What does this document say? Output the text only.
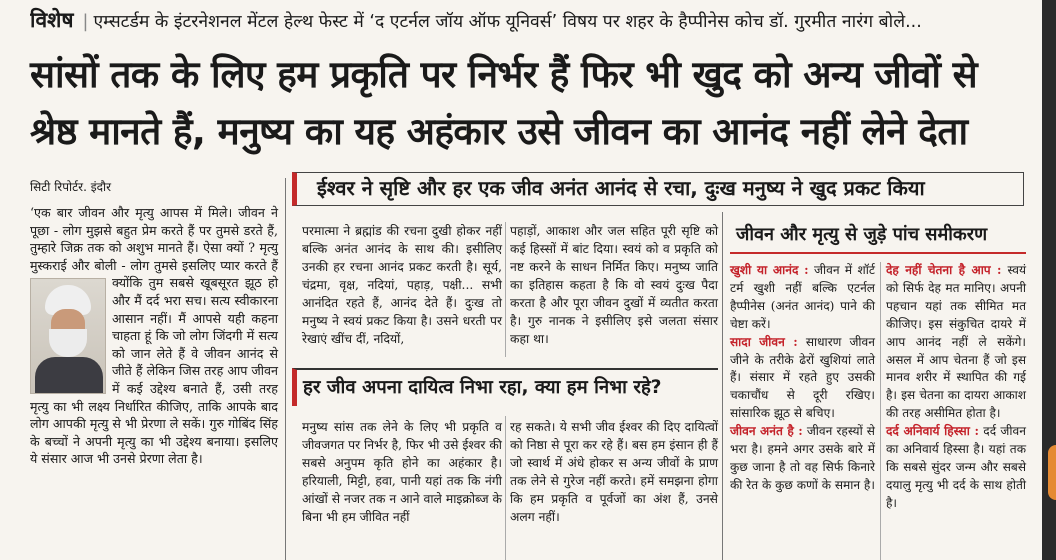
विशेष | एम्सटर्डम के इंटरनेशनल मेंटल हेल्थ फेस्ट में ‘द एटर्नल जॉय ऑफ यूनिवर्स’ विषय पर शहर के हैप्पीनेस कोच डॉ. गुरमीत नारंग बोले...
सांसों तक के लिए हम प्रकृति पर निर्भर हैं फिर भी खुद को अन्य जीवों से
श्रेष्ठ मानते हैं, मनुष्य का यह अहंकार उसे जीवन का आनंद नहीं लेने देता
सिटी रिपोर्टर. इंदौर
‘एक बार जीवन और मृत्यु आपस में मिले। जीवन ने पूछा - लोग मुझसे बहुत प्रेम करते हैं पर तुमसे डरते हैं, तुम्हारे जिक्र तक को अशुभ मानते हैं। ऐसा क्यों ? मृत्यु मुस्कराई और बोली - लोग तुमसे इसलिए प्यार करते हैं क्योंकि तुम सबसे खूबसूरत झूठ हो और मैं दर्द भरा सच। सत्य स्वीकारना आसान नहीं। मैं आपसे यही कहना चाहता हूं कि जो लोग जिंदगी में सत्य को जान लेते हैं वे जीवन आनंद से जीते हैं लेकिन जिस तरह आप जीवन में कई उद्देश्य बनाते हैं, उसी तरह मृत्यु का भी लक्ष्य निर्धारित कीजिए, ताकि आपके बाद लोग आपकी मृत्यु से भी प्रेरणा ले सकें। गुरु गोबिंद सिंह के बच्चों ने अपनी मृत्यु का भी उद्देश्य बनाया। इसलिए ये संसार आज भी उनसे प्रेरणा लेता है।
ईश्वर ने सृष्टि और हर एक जीव अनंत आनंद से रचा, दुःख मनुष्य ने खुद प्रकट किया
परमात्मा ने ब्रह्मांड की रचना दुखी होकर नहीं बल्कि अनंत आनंद के साथ की। इसीलिए उनकी हर रचना आनंद प्रकट करती है। सूर्य, चंद्रमा, वृक्ष, नदियां, पहाड़, पक्षी... सभी आनंदित रहते हैं, आनंद देते हैं। दुःख तो मनुष्य ने स्वयं प्रकट किया है। उसने धरती पर रेखाएं खींच दीं, नदियों,
पहाड़ों, आकाश और जल सहित पूरी सृष्टि को कई हिस्सों में बांट दिया। स्वयं को व प्रकृति को नष्ट करने के साधन निर्मित किए। मनुष्य जाति का इतिहास कहता है कि वो स्वयं दुःख पैदा करता है और पूरा जीवन दुखों में व्यतीत करता है। गुरु नानक ने इसीलिए इसे जलता संसार कहा था।
हर जीव अपना दायित्व निभा रहा, क्या हम निभा रहे?
मनुष्य सांस तक लेने के लिए भी प्रकृति व जीवजगत पर निर्भर है, फिर भी उसे ईश्वर की सबसे अनुपम कृति होने का अहंकार है। हरियाली, मिट्टी, हवा, पानी यहां तक कि नंगी आंखों से नजर तक न आने वाले माइक्रोब्ज के बिना भी हम जीवित नहीं
रह सकते। ये सभी जीव ईश्वर की दिए दायित्वों को निष्ठा से पूरा कर रहे हैं। बस हम इंसान ही हैं जो स्वार्थ में अंधे होकर स अन्य जीवों के प्राण तक लेने से गुरेज नहीं करते। हमें समझना होगा कि हम प्रकृति व पूर्वजों का अंश हैं, उनसे अलग नहीं।
जीवन और मृत्यु से जुड़े पांच समीकरण
खुशी या आनंद : जीवन में शॉर्ट टर्म खुशी नहीं बल्कि एटर्नल हैप्पीनेस (अनंत आनंद) पाने की चेष्टा करें।
सादा जीवन : साधारण जीवन जीने के तरीके ढेरों खुशियां लाते हैं। संसार में रहते हुए उसकी चकाचौंध से दूरी रखिए। सांसारिक झूठ से बचिए।
जीवन अनंत है : जीवन रहस्यों से भरा है। हमने अगर उसके बारे में कुछ जाना है तो वह सिर्फ किनारे की रेत के कुछ कणों के समान है।
देह नहीं चेतना है आप : स्वयं को सिर्फ देह मत मानिए। अपनी पहचान यहां तक सीमित मत कीजिए। इस संकुचित दायरे में आप आनंद नहीं ले सकेंगे। असल में आप चेतना हैं जो इस मानव शरीर में स्थापित की गई है। इस चेतना का दायरा आकाश की तरह असीमित होता है।
दर्द अनिवार्य हिस्सा : दर्द जीवन का अनिवार्य हिस्सा है। यहां तक कि सबसे सुंदर जन्म और सबसे दयालु मृत्यु भी दर्द के साथ होती है।
